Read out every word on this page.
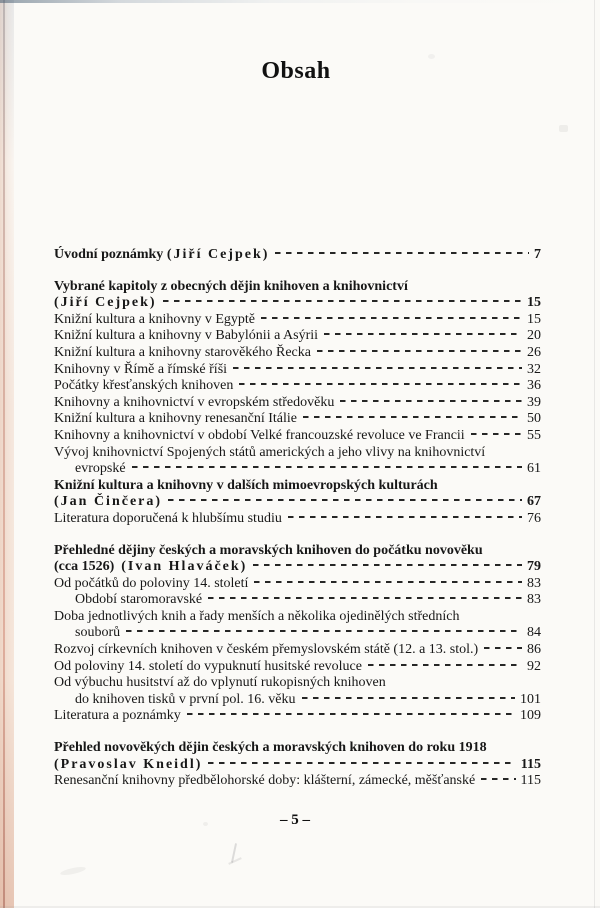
Obsah
Úvodní poznámky (Jiří Cejpek)	7
Vybrané kapitoly z obecných dějin knihoven a knihovnictví
(Jiří Cejpek)	15
Knižní kultura a knihovny v Egyptě	15
Knižní kultura a knihovny v Babylónii a Asýrii	20
Knižní kultura a knihovny starověkého Řecka	26
Knihovny v Římě a římské říši	32
Počátky křesťanských knihoven	36
Knihovny a knihovnictví v evropském středověku	39
Knižní kultura a knihovny renesanční Itálie	50
Knihovny a knihovnictví v období Velké francouzské revoluce ve Francii	55
Vývoj knihovnictví Spojených států amerických a jeho vlivy na knihovnictví
evropské	61
Knižní kultura a knihovny v dalších mimoevropských kulturách
(Jan Činčera)	67
Literatura doporučená k hlubšímu studiu	76
Přehledné dějiny českých a moravských knihoven do počátku novověku
(cca 1526)  (Ivan Hlaváček)	79
Od počátků do poloviny 14. století	83
Období staromoravské	83
Doba jednotlivých knih a řady menších a několika ojedinělých středních
souborů	84
Rozvoj církevních knihoven v českém přemyslovském státě (12. a 13. stol.)	86
Od poloviny 14. století do vypuknutí husitské revoluce	92
Od výbuchu husitství až do vplynutí rukopisných knihoven
do knihoven tisků v první pol. 16. věku	101
Literatura a poznámky	109
Přehled novověkých dějin českých a moravských knihoven do roku 1918
(Pravoslav Kneidl)	115
Renesanční knihovny předbělohorské doby: klášterní, zámecké, měšťanské	115
– 5 –
